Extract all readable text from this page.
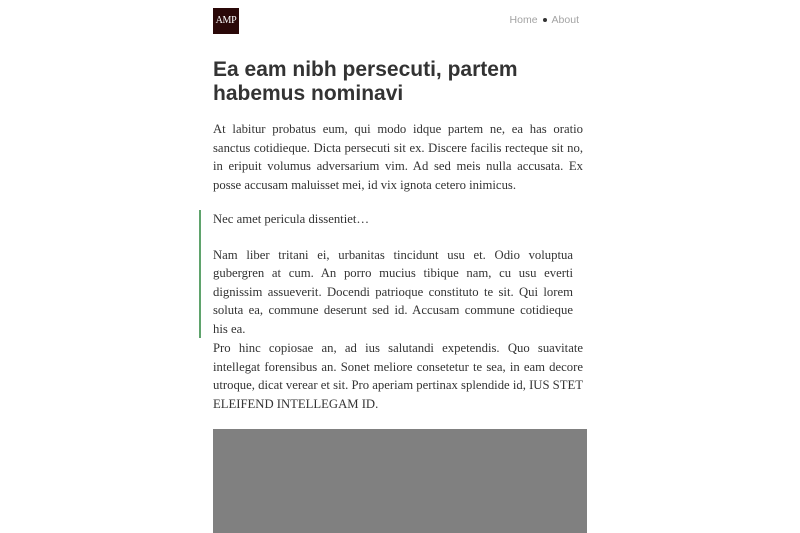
AMP	Home About
Ea eam nibh persecuti, partem habemus nominavi

At labitur probatus eum, qui modo idque partem ne, ea has oratio sanctus cotidieque. Dicta persecuti sit ex. Discere facilis recteque sit no, in eripuit volumus adversarium vim. Ad sed meis nulla accusata. Ex posse accusam maluisset mei, id vix ignota cetero inimicus.

Nec amet pericula dissentiet…

Nam liber tritani ei, urbanitas tincidunt usu et. Odio voluptua gubergren at cum. An porro mucius tibique nam, cu usu everti dignissim assueverit. Docendi patrioque constituto te sit. Qui lorem soluta ea, commune deserunt sed id. Accusam commune cotidieque his ea.

Pro hinc copiosae an, ad ius salutandi expetendis. Quo suavitate intellegat forensibus an. Sonet meliore consetetur te sea, in eam decore utroque, dicat verear et sit. Pro aperiam pertinax splendide id, IUS STET ELEIFEND INTELLEGAM ID.
